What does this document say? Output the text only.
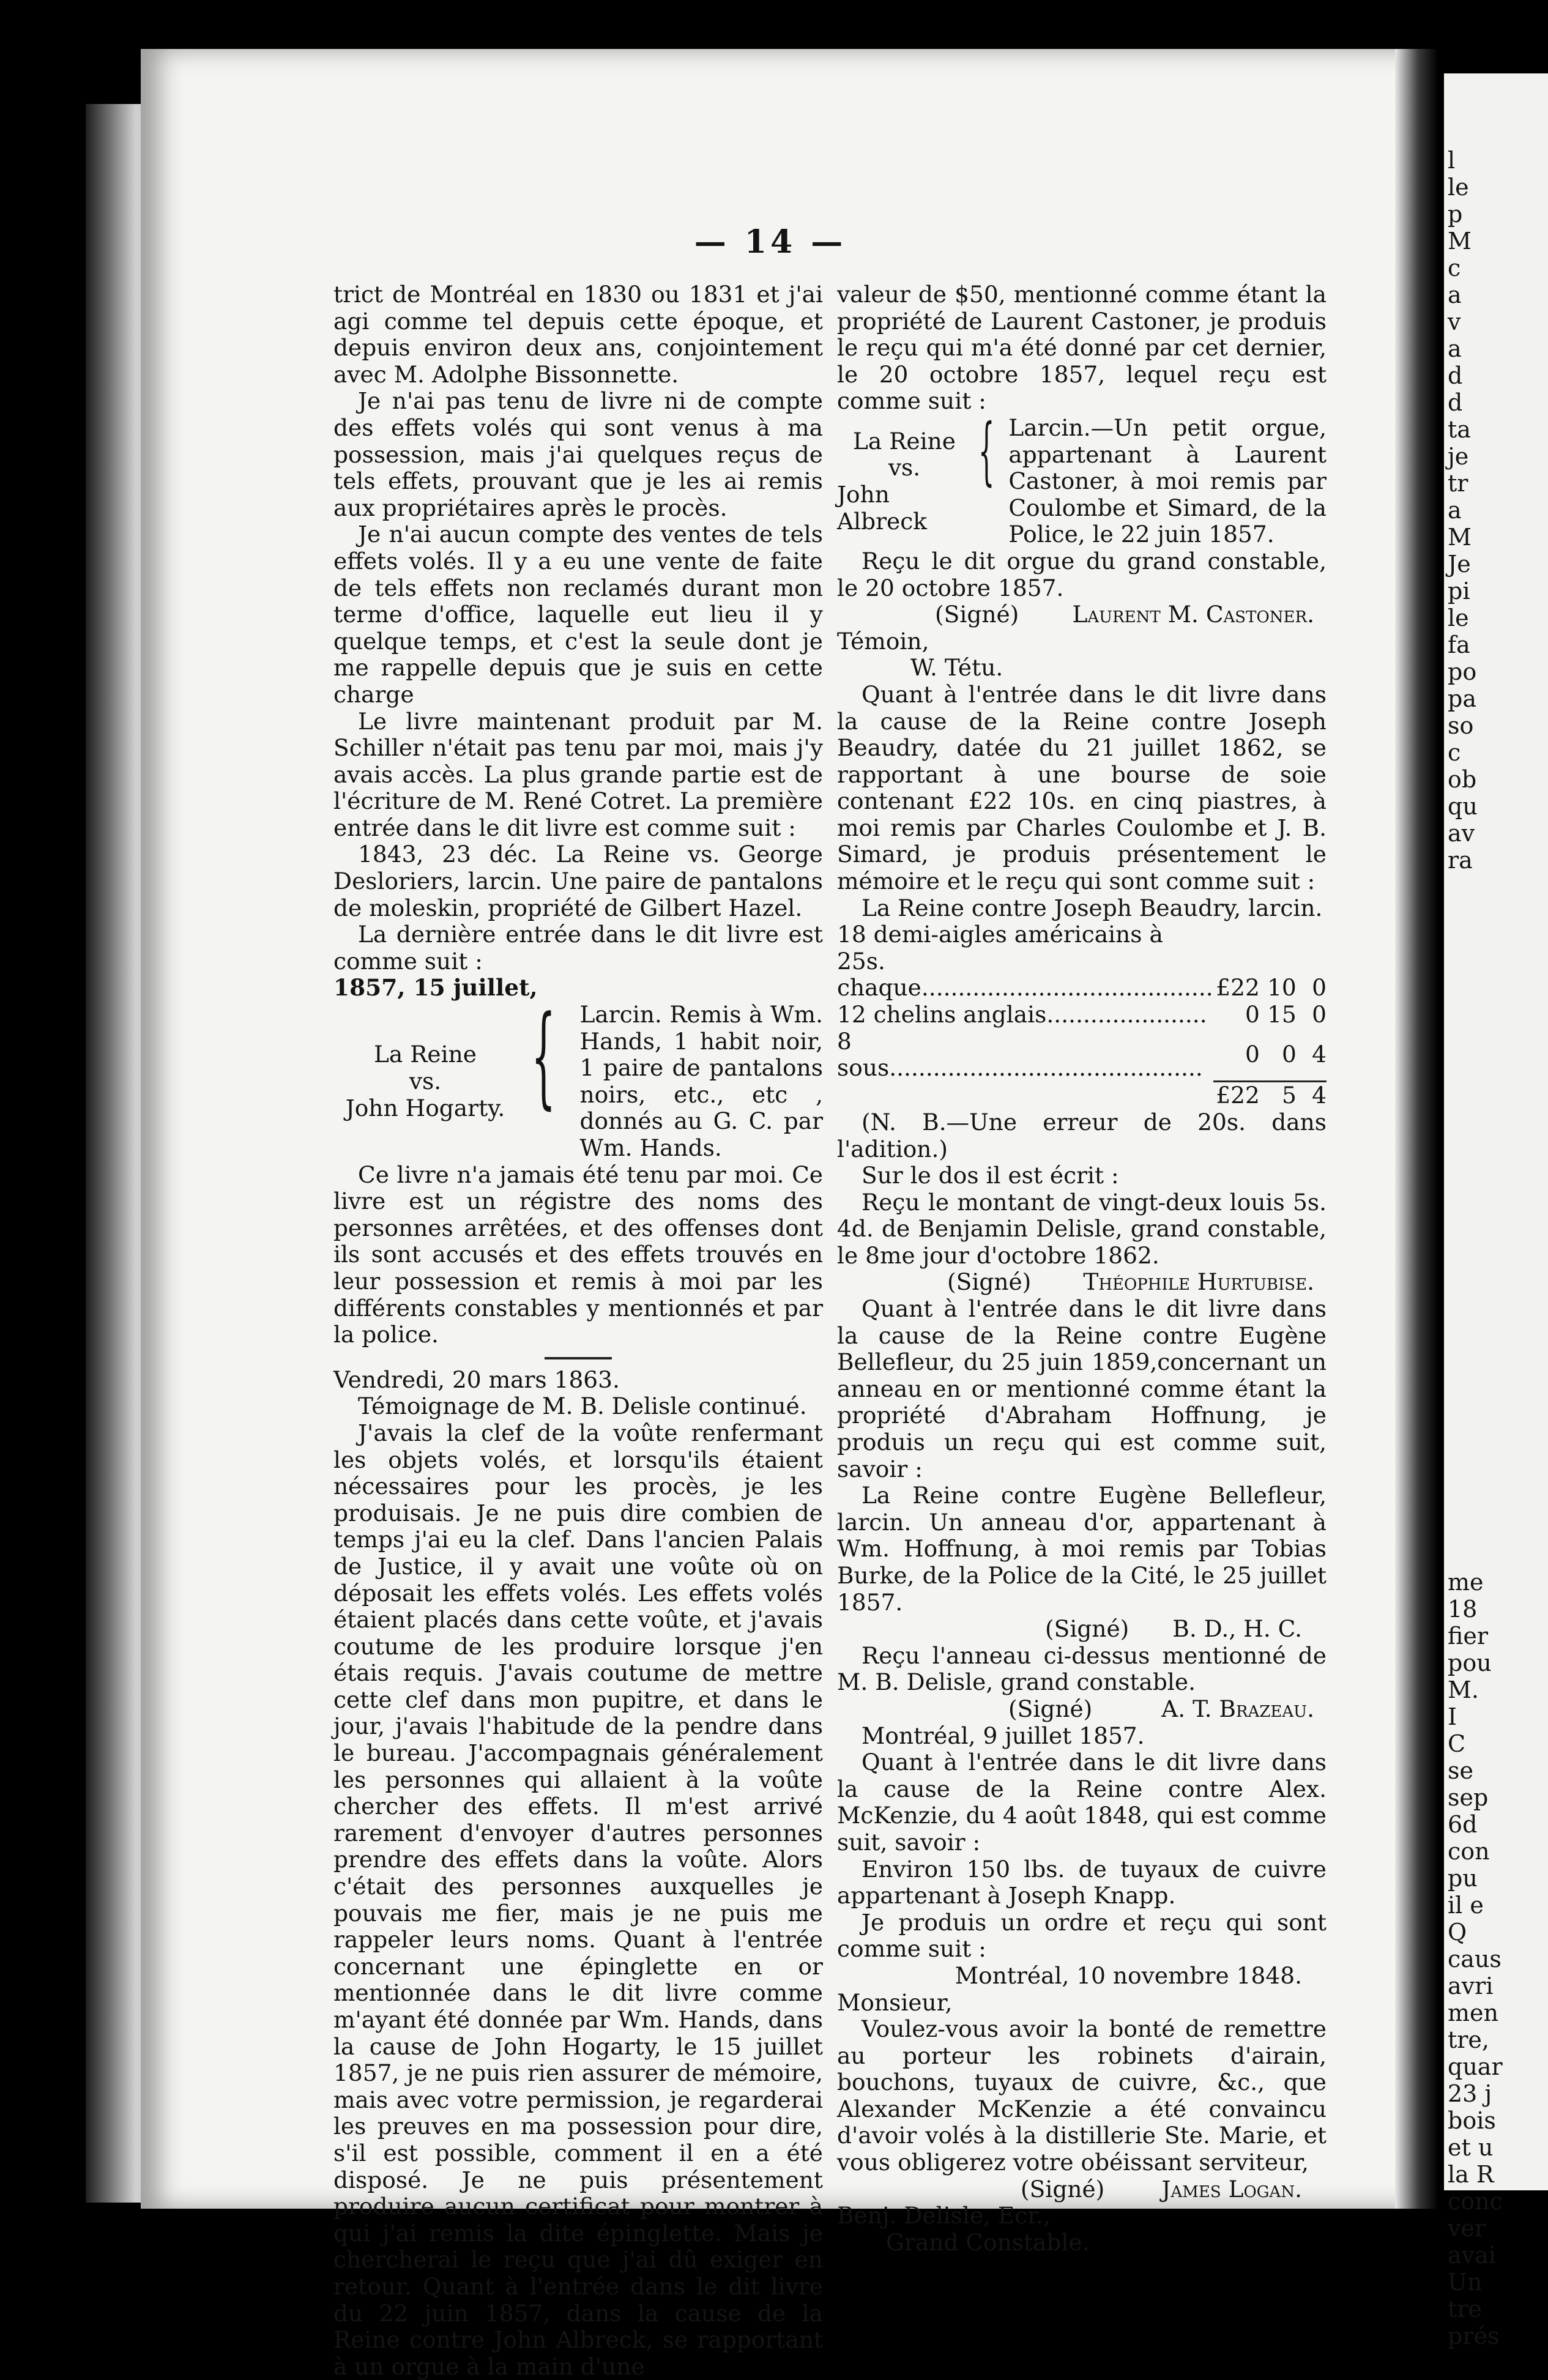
l
le
p
M
c
a
v
a
d
d
ta
je
tr
a
M
Je
pi
le
fa
po
pa
so
c
ob
qu
av
ra
me
18
fier
pou
M.
I
C
se
sep
6d
con
pu
il e
Q
caus
avri
men
tre,
quar
23 j
bois
et u
la R
conc
ver
avai
Un
tre
prés
— 14 —

trict de Montréal en 1830 ou 1831 et j'ai agi comme tel depuis cette époque, et depuis environ deux ans, conjointement avec M. Adolphe Bissonnette.

Je n'ai pas tenu de livre ni de compte des effets volés qui sont venus à ma possession, mais j'ai quelques reçus de tels effets, prouvant que je les ai remis aux propriétaires après le procès.

Je n'ai aucun compte des ventes de tels effets volés. Il y a eu une vente de faite de tels effets non reclamés durant mon terme d'office, laquelle eut lieu il y quelque temps, et c'est la seule dont je me rappelle depuis que je suis en cette charge

Le livre maintenant produit par M. Schiller n'était pas tenu par moi, mais j'y avais accès. La plus grande partie est de l'écriture de M. René Cotret. La première entrée dans le dit livre est comme suit :

1843, 23 déc. La Reine vs. George Desloriers, larcin. Une paire de pantalons de moleskin, propriété de Gilbert Hazel.

La dernière entrée dans le dit livre est comme suit :

1857, 15 juillet,
La Reine
vs.
John Hogarty. {	Larcin. Remis à Wm. Hands, 1 habit noir, 1 paire de pantalons noirs, etc., etc , donnés au G. C. par Wm. Hands.

Ce livre n'a jamais été tenu par moi. Ce livre est un régistre des noms des personnes arrêtées, et des offenses dont ils sont accusés et des effets trouvés en leur possession et remis à moi par les différents constables y mentionnés et par la police.

Vendredi, 20 mars 1863.

Témoignage de M. B. Delisle continué.

J'avais la clef de la voûte renfermant les objets volés, et lorsqu'ils étaient nécessaires pour les procès, je les produisais. Je ne puis dire combien de temps j'ai eu la clef. Dans l'ancien Palais de Justice, il y avait une voûte où on déposait les effets volés. Les effets volés étaient placés dans cette voûte, et j'avais coutume de les produire lorsque j'en étais requis. J'avais coutume de mettre cette clef dans mon pupitre, et dans le jour, j'avais l'habitude de la pendre dans le bureau. J'accompagnais généralement les personnes qui allaient à la voûte chercher des effets. Il m'est arrivé rarement d'envoyer d'autres personnes prendre des effets dans la voûte. Alors c'était des personnes auxquelles je pouvais me fier, mais je ne puis me rappeler leurs noms. Quant à l'entrée concernant une épinglette en or mentionnée dans le dit livre comme m'ayant été donnée par Wm. Hands, dans la cause de John Hogarty, le 15 juillet 1857, je ne puis rien assurer de mémoire, mais avec votre permission, je regarderai les preuves en ma possession pour dire, s'il est possible, comment il en a été disposé. Je ne puis présentement produire aucun certificat pour montrer à qui j'ai remis la dite épinglette. Mais je chercherai le reçu que j'ai dû exiger en retour. Quant à l'entrée dans le dit livre du 22 juin 1857, dans la cause de la Reine contre John Albreck, se rapportant à un orgue à la main d'une

valeur de $50, mentionné comme étant la propriété de Laurent Castoner, je produis le reçu qui m'a été donné par cet dernier, le 20 octobre 1857, lequel reçu est comme suit :

La Reine
vs.
John Albreck
{ Larcin.—Un petit orgue, appartenant à Laurent Castoner, à moi remis par Coulombe et Simard, de la Police, le 22 juin 1857.

Reçu le dit orgue du grand constable, le 20 octobre 1857.

(Signé) Laurent M. Castoner.
Témoin,
W. Tétu.

Quant à l'entrée dans le dit livre dans la cause de la Reine contre Joseph Beaudry, datée du 21 juillet 1862, se rapportant à une bourse de soie contenant £22 10s. en cinq piastres, à moi remis par Charles Coulombe et J. B. Simard, je produis présentement le mémoire et le reçu qui sont comme suit :

La Reine contre Joseph Beaudry, larcin.

18 demi-aigles américains à 25s.			
chaque........................................	£22	10	0
12 chelins anglais......................	0	15	0
8 sous...........................................	0	0	4
	£22	5	4

(N. B.—Une erreur de 20s. dans l'adition.)

Sur le dos il est écrit :

Reçu le montant de vingt-deux louis 5s. 4d. de Benjamin Delisle, grand constable, le 8me jour d'octobre 1862.

(Signé) Théophile Hurtubise.

Quant à l'entrée dans le dit livre dans la cause de la Reine contre Eugène Bellefleur, du 25 juin 1859,concernant un anneau en or mentionné comme étant la propriété d'Abraham Hoffnung, je produis un reçu qui est comme suit, savoir :

La Reine contre Eugène Bellefleur, larcin. Un anneau d'or, appartenant à Wm. Hoffnung, à moi remis par Tobias Burke, de la Police de la Cité, le 25 juillet 1857.

(Signé) B. D., H. C.

Reçu l'anneau ci-dessus mentionné de M. B. Delisle, grand constable.

(Signé)	A. T. Brazeau.

Montréal, 9 juillet 1857.

Quant à l'entrée dans le dit livre dans la cause de la Reine contre Alex. McKenzie, du 4 août 1848, qui est comme suit, savoir :

Environ 150 lbs. de tuyaux de cuivre appartenant à Joseph Knapp.

Je produis un ordre et reçu qui sont comme suit :

Montréal, 10 novembre 1848.
Monsieur,

Voulez-vous avoir la bonté de remettre au porteur les robinets d'airain, bouchons, tuyaux de cuivre, &c., que Alexander McKenzie a été convaincu d'avoir volés à la distillerie Ste. Marie, et vous obligerez votre obéissant serviteur,

(Signé) James Logan.
Benj. Delisle, Ecr.,
Grand Constable.
